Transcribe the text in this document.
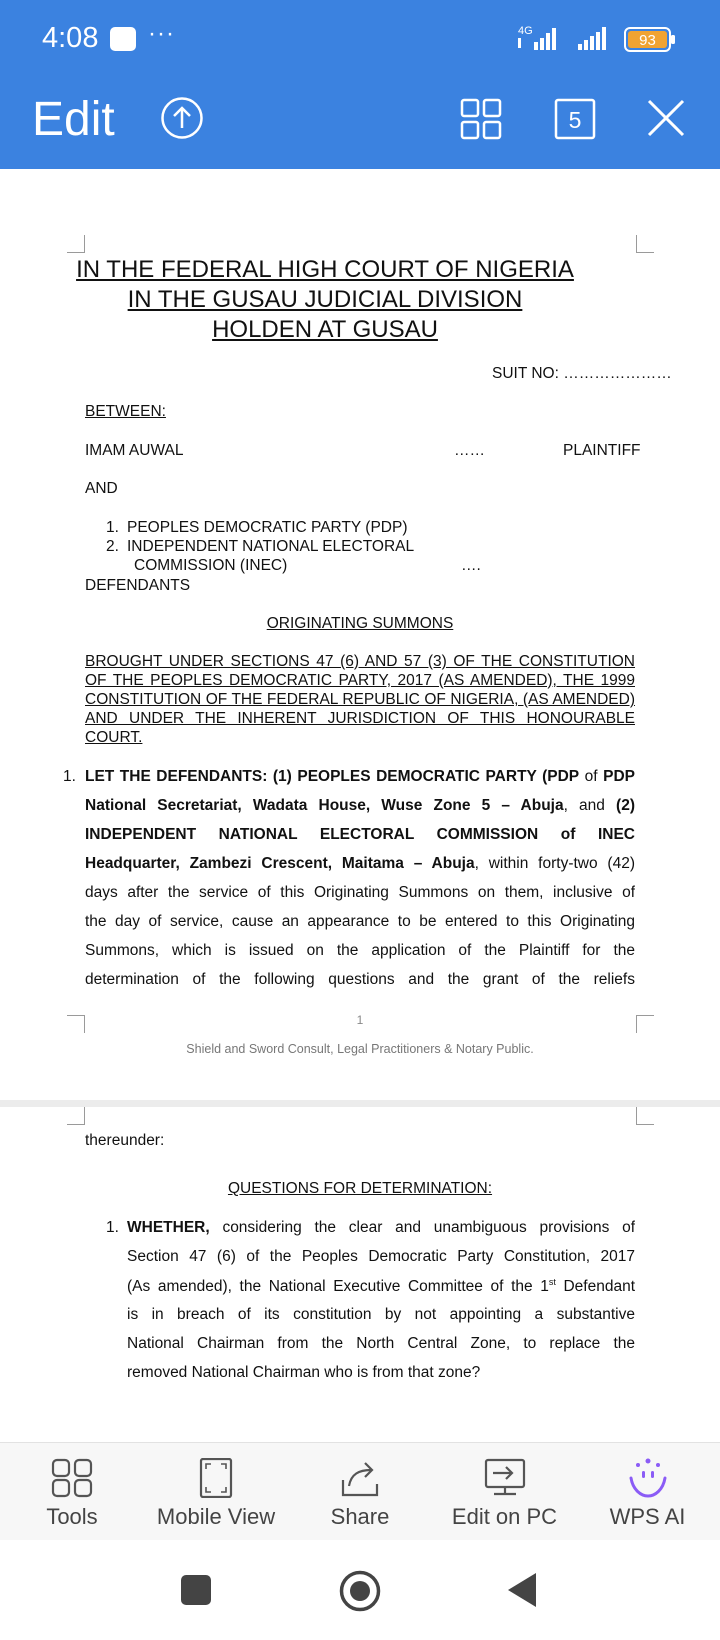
4:08 ···	4G
93
Edit	5
IN THE FEDERAL HIGH COURT OF NIGERIA
IN THE GUSAU JUDICIAL DIVISION
HOLDEN AT GUSAU
SUIT NO: …………………
BETWEEN:
IMAM AUWAL	……	PLAINTIFF
AND
1. PEOPLES DEMOCRATIC PARTY (PDP)
2. INDEPENDENT NATIONAL ELECTORAL
COMMISSION (INEC)	….
DEFENDANTS
ORIGINATING SUMMONS
BROUGHT UNDER SECTIONS 47 (6) AND 57 (3) OF THE CONSTITUTION
OF THE PEOPLES DEMOCRATIC PARTY, 2017 (AS AMENDED), THE 1999
CONSTITUTION OF THE FEDERAL REPUBLIC OF NIGERIA, (AS AMENDED)
AND UNDER THE INHERENT JURISDICTION OF THIS HONOURABLE
COURT.
1. LET THE DEFENDANTS: (1) PEOPLES DEMOCRATIC PARTY (PDP of PDP
National Secretariat, Wadata House, Wuse Zone 5 – Abuja, and (2)
INDEPENDENT NATIONAL ELECTORAL COMMISSION of INEC
Headquarter, Zambezi Crescent, Maitama – Abuja, within forty-two (42)
days after the service of this Originating Summons on them, inclusive of
the day of service, cause an appearance to be entered to this Originating
Summons, which is issued on the application of the Plaintiff for the
determination of the following questions and the grant of the reliefs
1
Shield and Sword Consult, Legal Practitioners & Notary Public.
thereunder:
QUESTIONS FOR DETERMINATION:
1. WHETHER, considering the clear and unambiguous provisions of
Section 47 (6) of the Peoples Democratic Party Constitution, 2017
(As amended), the National Executive Committee of the 1st Defendant
is in breach of its constitution by not appointing a substantive
National Chairman from the North Central Zone, to replace the
removed National Chairman who is from that zone?
Tools	Mobile View	Share	Edit on PC	WPS AI
